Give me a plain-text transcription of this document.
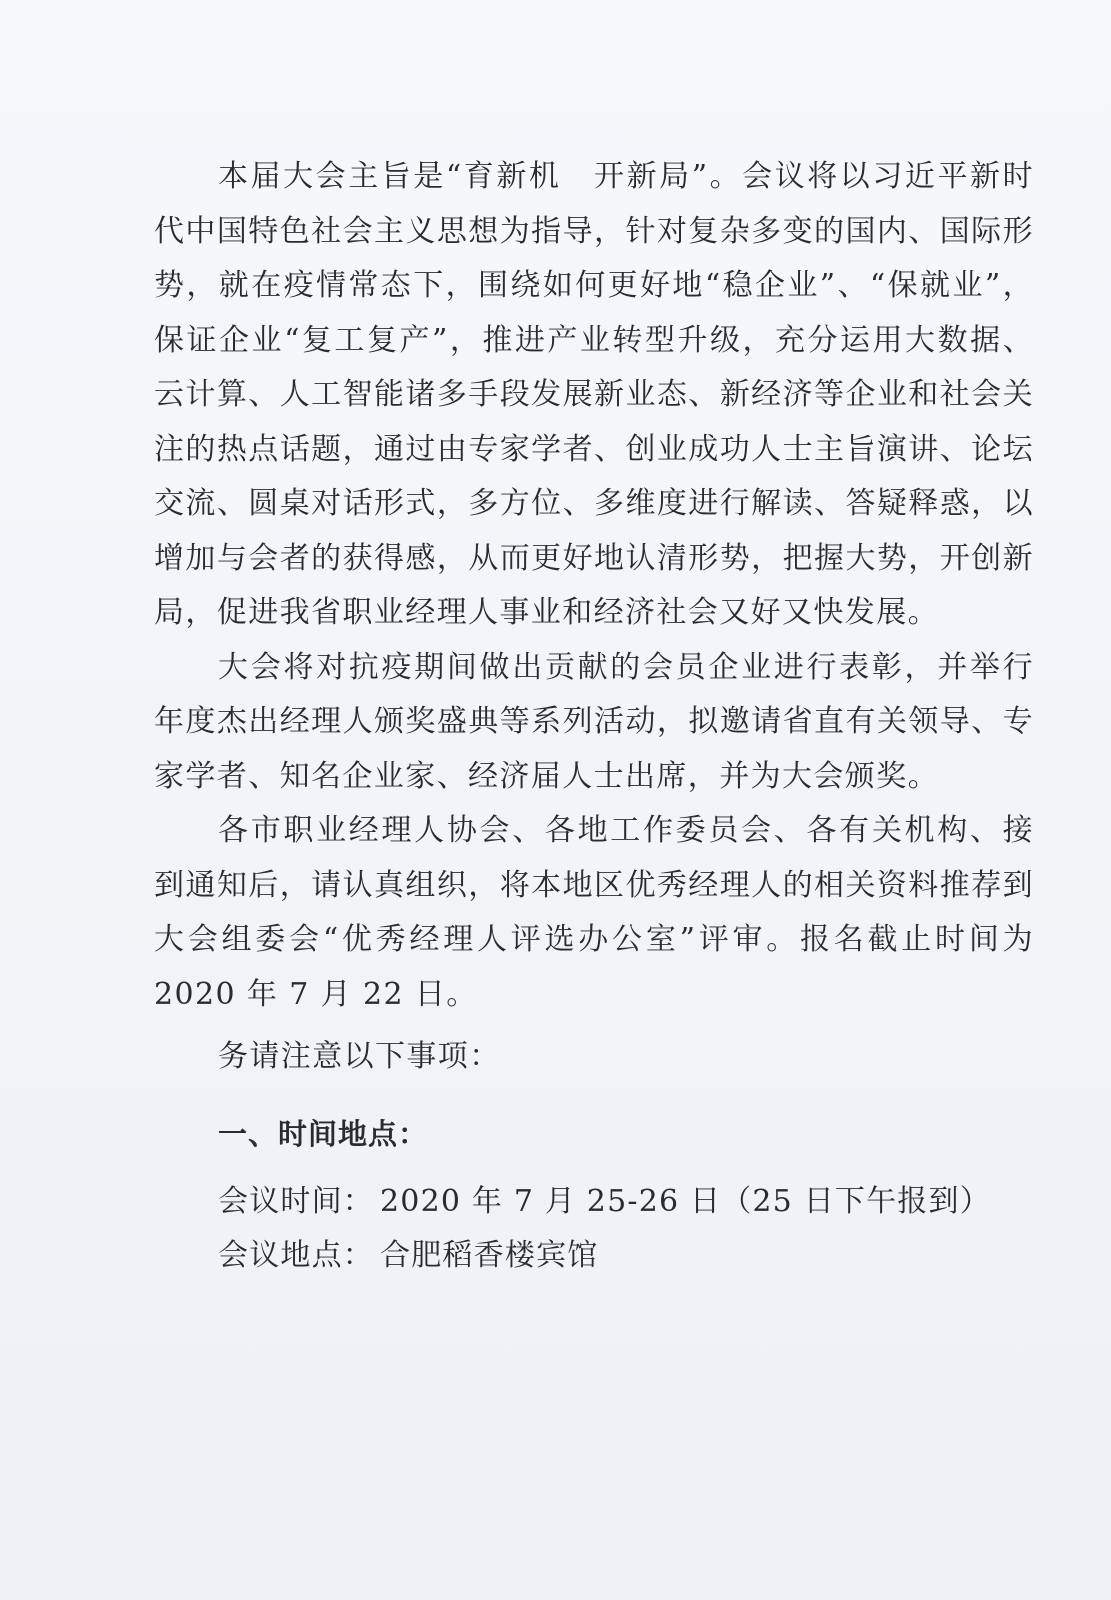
本届大会主旨是“育新机　开新局”。会议将以习近平新时代中国特色社会主义思想为指导，针对复杂多变的国内、国际形势，就在疫情常态下，围绕如何更好地“稳企业”、“保就业”，保证企业“复工复产”，推进产业转型升级，充分运用大数据、云计算、人工智能诸多手段发展新业态、新经济等企业和社会关注的热点话题，通过由专家学者、创业成功人士主旨演讲、论坛交流、圆桌对话形式，多方位、多维度进行解读、答疑释惑，以增加与会者的获得感，从而更好地认清形势，把握大势，开创新局，促进我省职业经理人事业和经济社会又好又快发展。

大会将对抗疫期间做出贡献的会员企业进行表彰，并举行年度杰出经理人颁奖盛典等系列活动，拟邀请省直有关领导、专家学者、知名企业家、经济届人士出席，并为大会颁奖。

各市职业经理人协会、各地工作委员会、各有关机构、接到通知后，请认真组织，将本地区优秀经理人的相关资料推荐到大会组委会“优秀经理人评选办公室”评审。报名截止时间为 2020 年 7 月 22 日。

务请注意以下事项：

一、时间地点：

会议时间： 2020 年 7 月 25-26 日（25 日下午报到）

会议地点： 合肥稻香楼宾馆
